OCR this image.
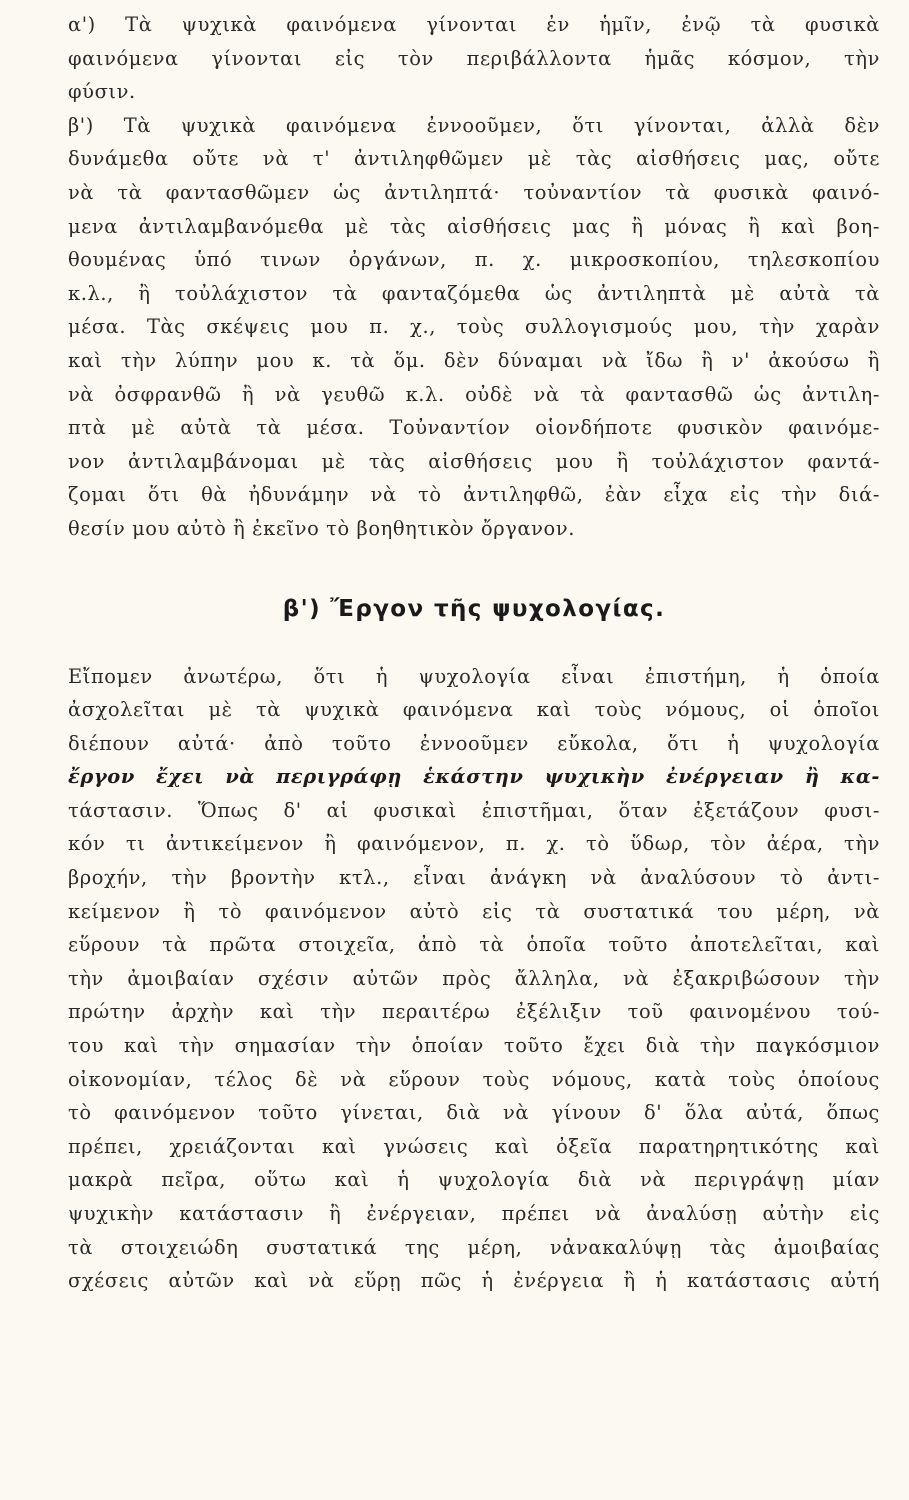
α') Τὰ ψυχικὰ φαινόμενα γίνονται ἐν ἡμῖν, ἐνῷ τὰ φυσικὰ
φαινόμενα γίνονται εἰς τὸν περιβάλλοντα ἡμᾶς κόσμον, τὴν
φύσιν.
β') Τὰ ψυχικὰ φαινόμενα ἐννοοῦμεν, ὅτι γίνονται, ἀλλὰ δὲν
δυνάμεθα οὔτε νὰ τ' ἀντιληφθῶμεν μὲ τὰς αἰσθήσεις μας, οὔτε
νὰ τὰ φαντασθῶμεν ὡς ἀντιληπτά· τοὐναντίον τὰ φυσικὰ φαινό-
μενα ἀντιλαμβανόμεθα μὲ τὰς αἰσθήσεις μας ἢ μόνας ἢ καὶ βοη-
θουμένας ὑπό τινων ὀργάνων, π. χ. μικροσκοπίου, τηλεσκοπίου
κ.λ., ἢ τοὐλάχιστον τὰ φανταζόμεθα ὡς ἀντιληπτὰ μὲ αὐτὰ τὰ
μέσα. Τὰς σκέψεις μου π. χ., τοὺς συλλογισμούς μου, τὴν χαρὰν
καὶ τὴν λύπην μου κ. τὰ ὅμ. δὲν δύναμαι νὰ ἴδω ἢ ν' ἀκούσω ἢ
νὰ ὀσφρανθῶ ἢ νὰ γευθῶ κ.λ. οὐδὲ νὰ τὰ φαντασθῶ ὡς ἀντιλη-
πτὰ μὲ αὐτὰ τὰ μέσα. Τοὐναντίον οἱονδήποτε φυσικὸν φαινόμε-
νον ἀντιλαμβάνομαι μὲ τὰς αἰσθήσεις μου ἢ τοὐλάχιστον φαντά-
ζομαι ὅτι θὰ ἠδυνάμην νὰ τὸ ἀντιληφθῶ, ἐὰν εἶχα εἰς τὴν διά-
θεσίν μου αὐτὸ ἢ ἐκεῖνο τὸ βοηθητικὸν ὄργανον.
β') Ἔργον τῆς ψυχολογίας.
Εἴπομεν ἀνωτέρω, ὅτι ἡ ψυχολογία εἶναι ἐπιστήμη, ἡ ὁποία
ἀσχολεῖται μὲ τὰ ψυχικὰ φαινόμενα καὶ τοὺς νόμους, οἱ ὁποῖοι
διέπουν αὐτά· ἀπὸ τοῦτο ἐννοοῦμεν εὔκολα, ὅτι ἡ ψυχολογία
ἔργον ἔχει νὰ περιγράφῃ ἑκάστην ψυχικὴν ἐνέργειαν ἢ κα-
τάστασιν. Ὅπως δ' αἱ φυσικαὶ ἐπιστῆμαι, ὅταν ἐξετάζουν φυσι-
κόν τι ἀντικείμενον ἢ φαινόμενον, π. χ. τὸ ὕδωρ, τὸν ἀέρα, τὴν
βροχήν, τὴν βροντὴν κτλ., εἶναι ἀνάγκη νὰ ἀναλύσουν τὸ ἀντι-
κείμενον ἢ τὸ φαινόμενον αὐτὸ εἰς τὰ συστατικά του μέρη, νὰ
εὕρουν τὰ πρῶτα στοιχεῖα, ἀπὸ τὰ ὁποῖα τοῦτο ἀποτελεῖται, καὶ
τὴν ἀμοιβαίαν σχέσιν αὐτῶν πρὸς ἄλληλα, νὰ ἐξακριβώσουν τὴν
πρώτην ἀρχὴν καὶ τὴν περαιτέρω ἐξέλιξιν τοῦ φαινομένου τού-
του καὶ τὴν σημασίαν τὴν ὁποίαν τοῦτο ἔχει διὰ τὴν παγκόσμιον
οἰκονομίαν, τέλος δὲ νὰ εὕρουν τοὺς νόμους, κατὰ τοὺς ὁποίους
τὸ φαινόμενον τοῦτο γίνεται, διὰ νὰ γίνουν δ' ὅλα αὐτά, ὅπως
πρέπει, χρειάζονται καὶ γνώσεις καὶ ὀξεῖα παρατηρητικότης καὶ
μακρὰ πεῖρα, οὕτω καὶ ἡ ψυχολογία διὰ νὰ περιγράψῃ μίαν
ψυχικὴν κατάστασιν ἢ ἐνέργειαν, πρέπει νὰ ἀναλύσῃ αὐτὴν εἰς
τὰ στοιχειώδη συστατικά της μέρη, νἀνακαλύψῃ τὰς ἀμοιβαίας
σχέσεις αὐτῶν καὶ νὰ εὕρῃ πῶς ἡ ἐνέργεια ἢ ἡ κατάστασις αὐτή
